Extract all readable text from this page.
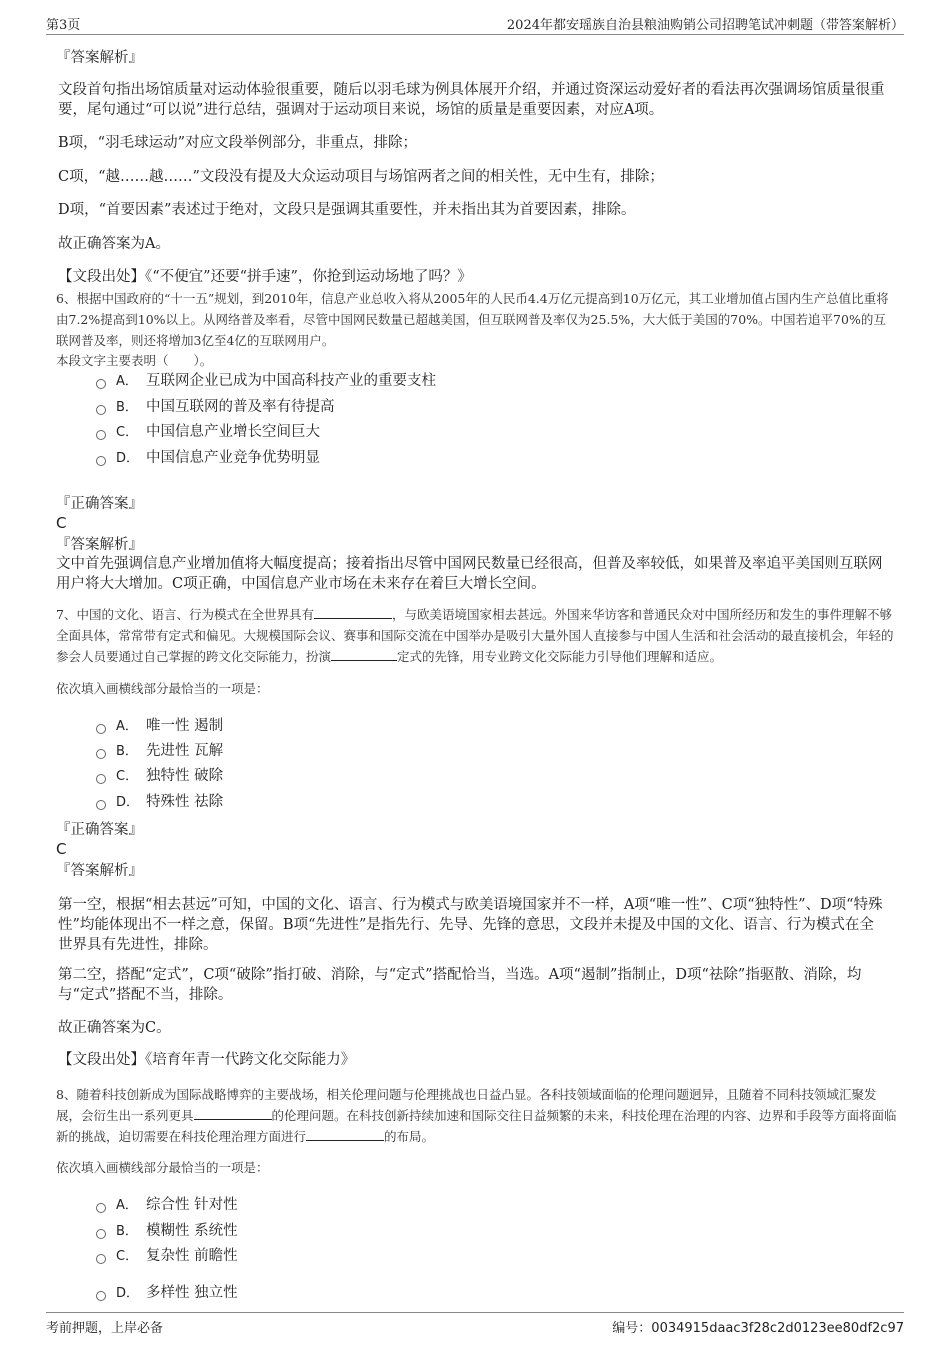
第3页	2024年都安瑶族自治县粮油购销公司招聘笔试冲刺题（带答案解析）
『答案解析』
文段首句指出场馆质量对运动体验很重要，随后以羽毛球为例具体展开介绍，并通过资深运动爱好者的看法再次强调场馆质量很重要，尾句通过“可以说”进行总结，强调对于运动项目来说，场馆的质量是重要因素，对应A项。
B项，“羽毛球运动”对应文段举例部分，非重点，排除；
C项，“越……越……”文段没有提及大众运动项目与场馆两者之间的相关性，无中生有，排除；
D项，“首要因素”表述过于绝对，文段只是强调其重要性，并未指出其为首要因素，排除。
故正确答案为A。
【文段出处】《“不便宜”还要“拼手速”，你抢到运动场地了吗？》
6、根据中国政府的“十一五”规划，到2010年，信息产业总收入将从2005年的人民币4.4万亿元提高到10万亿元，其工业增加值占国内生产总值比重将由7.2%提高到10%以上。从网络普及率看，尽管中国网民数量已超越美国，但互联网普及率仅为25.5%，大大低于美国的70%。中国若追平70%的互联网普及率，则还将增加3亿至4亿的互联网用户。
本段文字主要表明（　　）。
A． 互联网企业已成为中国高科技产业的重要支柱
B． 中国互联网的普及率有待提高
C． 中国信息产业增长空间巨大
D． 中国信息产业竞争优势明显
『正确答案』
C
『答案解析』
文中首先强调信息产业增加值将大幅度提高；接着指出尽管中国网民数量已经很高，但普及率较低，如果普及率追平美国则互联网用户将大大增加。C项正确，中国信息产业市场在未来存在着巨大增长空间。
7、中国的文化、语言、行为模式在全世界具有	，与欧美语境国家相去甚远。外国来华访客和普通民众对中国所经历和发生的事件理解不够全面具体，常常带有定式和偏见。大规模国际会议、赛事和国际交流在中国举办是吸引大量外国人直接参与中国人生活和社会活动的最直接机会，年轻的参会人员要通过自己掌握的跨文化交际能力，扮演	定式的先锋，用专业跨文化交际能力引导他们理解和适应。
依次填入画横线部分最恰当的一项是：
A． 唯一性 遏制
B． 先进性 瓦解
C． 独特性 破除
D． 特殊性 祛除
『正确答案』
C
『答案解析』
第一空，根据“相去甚远”可知，中国的文化、语言、行为模式与欧美语境国家并不一样，A项“唯一性”、C项“独特性”、D项“特殊性”均能体现出不一样之意，保留。B项“先进性”是指先行、先导、先锋的意思，文段并未提及中国的文化、语言、行为模式在全世界具有先进性，排除。
第二空，搭配“定式”，C项“破除”指打破、消除，与“定式”搭配恰当，当选。A项“遏制”指制止，D项“祛除”指驱散、消除，均与“定式”搭配不当，排除。
故正确答案为C。
【文段出处】《培育年青一代跨文化交际能力》
8、随着科技创新成为国际战略博弈的主要战场，相关伦理问题与伦理挑战也日益凸显。各科技领域面临的伦理问题迥异，且随着不同科技领域汇聚发展，会衍生出一系列更具	的伦理问题。在科技创新持续加速和国际交往日益频繁的未来，科技伦理在治理的内容、边界和手段等方面将面临新的挑战，迫切需要在科技伦理治理方面进行	的布局。
依次填入画横线部分最恰当的一项是：
A． 综合性 针对性
B． 模糊性 系统性
C． 复杂性 前瞻性
D． 多样性 独立性
考前押题，上岸必备	编号：0034915daac3f28c2d0123ee80df2c97
